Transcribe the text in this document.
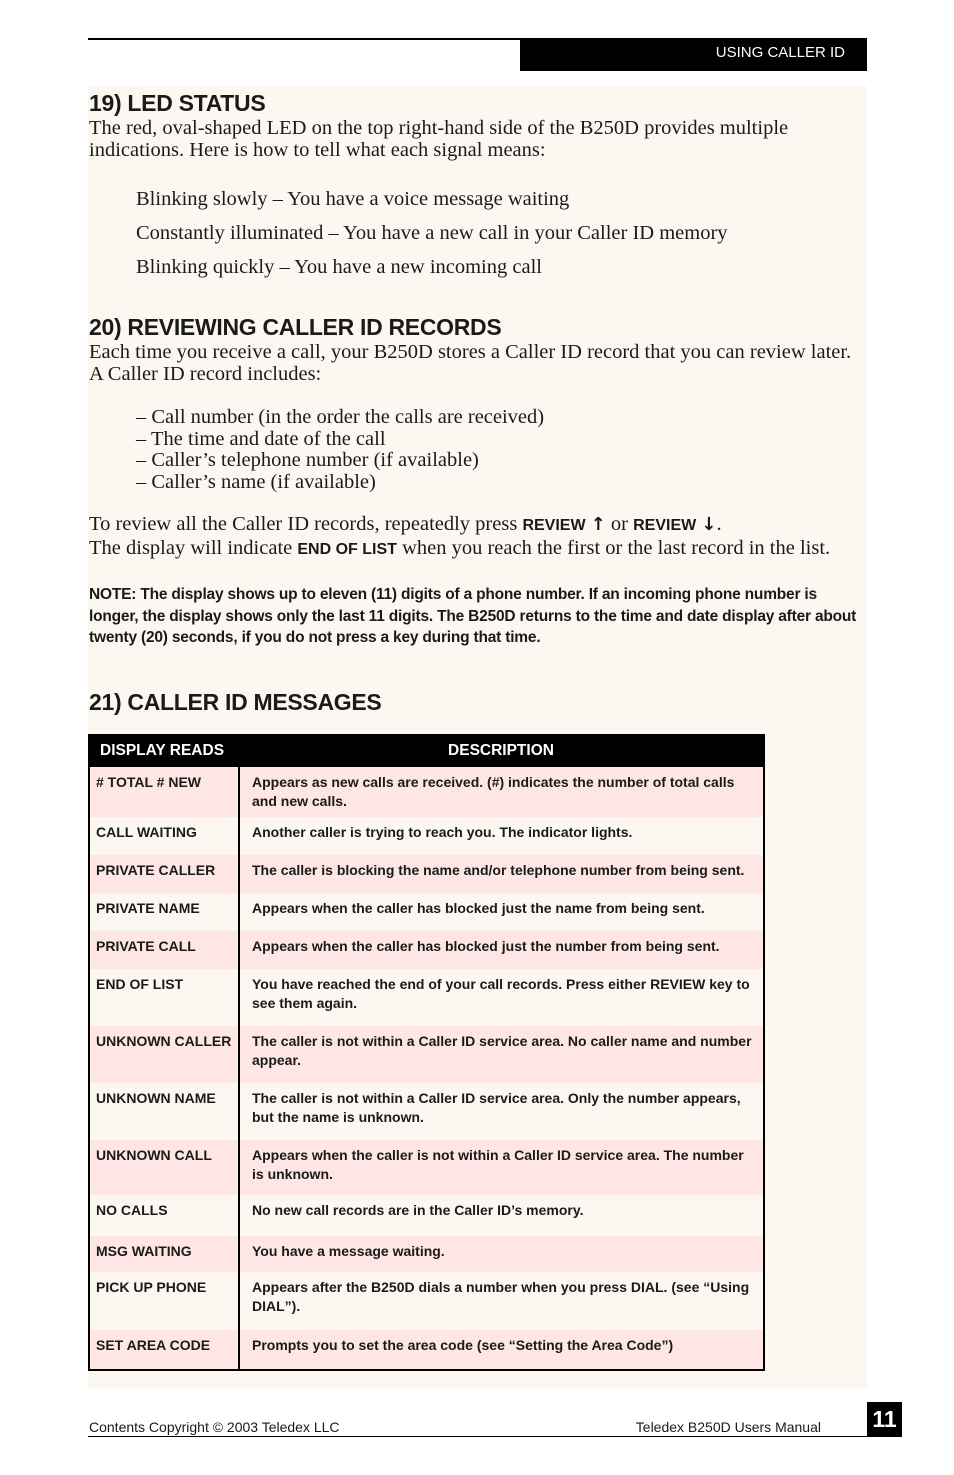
USING CALLER ID
19) LED STATUS

The red, oval-shaped LED on the top right-hand side of the B250D provides multiple indications. Here is how to tell what each signal means:

Blinking slowly – You have a voice message waiting
Constantly illuminated – You have a new call in your Caller ID memory
Blinking quickly – You have a new incoming call
20) REVIEWING CALLER ID RECORDS

Each time you receive a call, your B250D stores a Caller ID record that you can review later. A Caller ID record includes:

– Call number (in the order the calls are received)
– The time and date of the call
– Caller’s telephone number (if available)
– Caller’s name (if available)

To review all the Caller ID records, repeatedly press REVIEW ↑ or REVIEW ↓.
The display will indicate END OF LIST when you reach the first or the last record in the list.

NOTE: The display shows up to eleven (11) digits of a phone number. If an incoming phone number is longer, the display shows only the last 11 digits. The B250D returns to the time and date display after about twenty (20) seconds, if you do not press a key during that time.

21) CALLER ID MESSAGES
DISPLAY READS	DESCRIPTION
# TOTAL # NEW	Appears as new calls are received. (#) indicates the number of total calls and new calls.
CALL WAITING	Another caller is trying to reach you. The indicator lights.
PRIVATE CALLER	The caller is blocking the name and/or telephone number from being sent.
PRIVATE NAME	Appears when the caller has blocked just the name from being sent.
PRIVATE CALL	Appears when the caller has blocked just the number from being sent.
END OF LIST	You have reached the end of your call records. Press either REVIEW key to see them again.
UNKNOWN CALLER	The caller is not within a Caller ID service area. No caller name and number appear.
UNKNOWN NAME	The caller is not within a Caller ID service area. Only the number appears, but the name is unknown.
UNKNOWN CALL	Appears when the caller is not within a Caller ID service area. The number is unknown.
NO CALLS	No new call records are in the Caller ID’s memory.
MSG WAITING	You have a message waiting.
PICK UP PHONE	Appears after the B250D dials a number when you press DIAL. (see “Using DIAL”).
SET AREA CODE	Prompts you to set the area code (see “Setting the Area Code”)
Contents Copyright © 2003 Teledex LLC	Teledex B250D Users Manual 11
